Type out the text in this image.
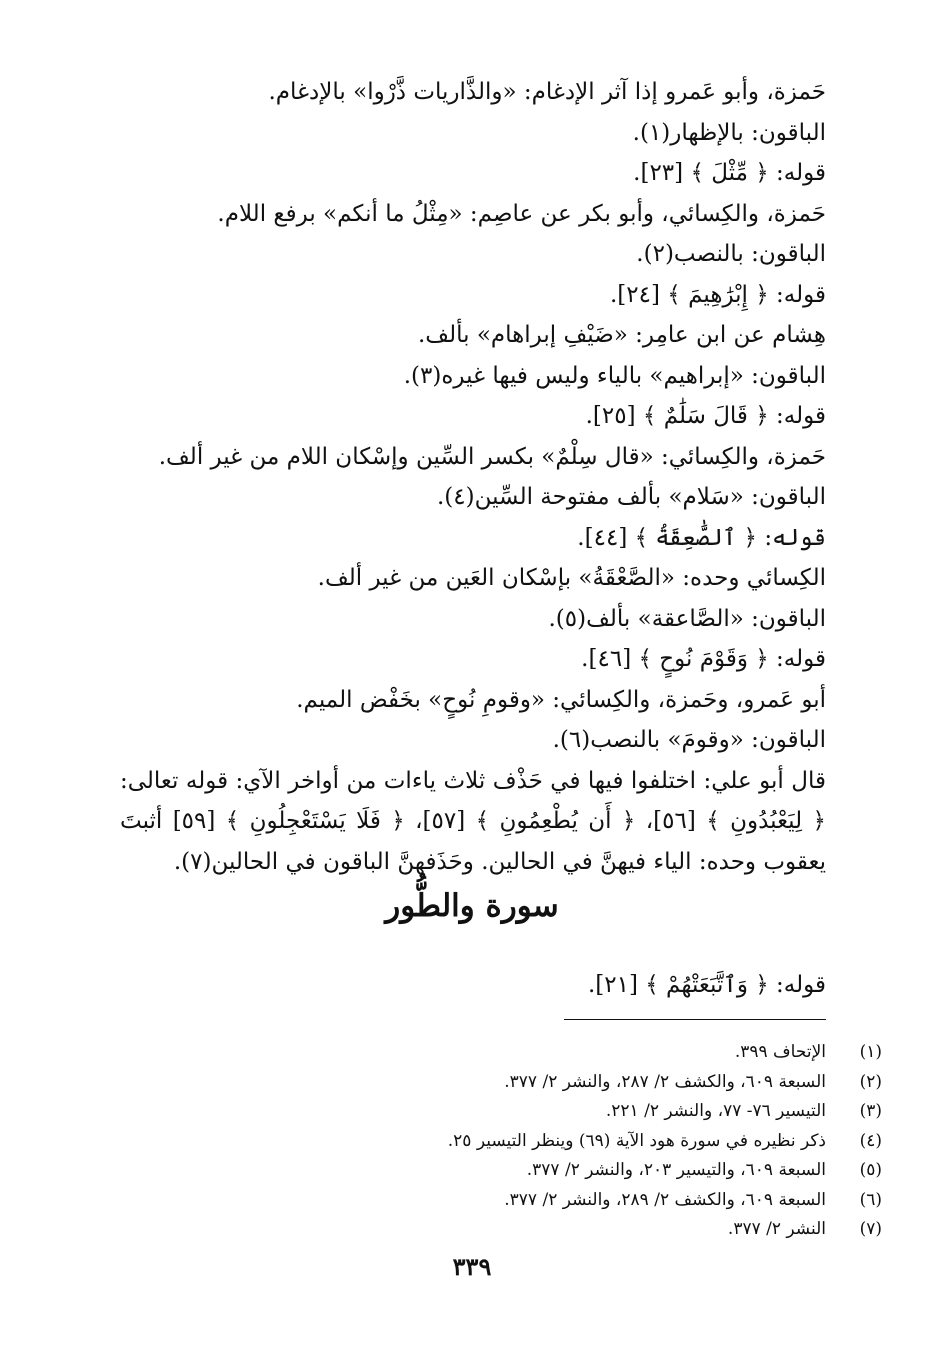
حَمزة، وأبو عَمرو إذا آثر الإدغام: «والذَّاريات ذَّرْوا» بالإدغام.
الباقون: بالإظهار(١).
قوله: ﴿ مِّثْلَ ﴾ [٢٣].
حَمزة، والكِسائي، وأبو بكر عن عاصِم: «مِثْلُ ما أنكم» برفع اللام.
الباقون: بالنصب(٢).
قوله: ﴿ إِبْرَٰهِيمَ ﴾ [٢٤].
هِشام عن ابن عامِر: «ضَيْفِ إبراهام» بألف.
الباقون: «إبراهيم» بالياء وليس فيها غيره(٣).
قوله: ﴿ قَالَ سَلَٰمٌ ﴾ [٢٥].
حَمزة، والكِسائي: «قال سِلْمٌ» بكسر السِّين وإسْكان اللام من غير ألف.
الباقون: «سَلام» بألف مفتوحة السِّين(٤).
قوله: ﴿ ٱلصَّٰعِقَةُ ﴾ [٤٤].
الكِسائي وحده: «الصَّعْقَةُ» بإسْكان العَين من غير ألف.
الباقون: «الصَّاعقة» بألف(٥).
قوله: ﴿ وَقَوْمَ نُوحٍ ﴾ [٤٦].
أبو عَمرو، وحَمزة، والكِسائي: «وقومِ نُوحٍ» بخَفْض الميم.
الباقون: «وقومَ» بالنصب(٦).
قال أبو علي: اختلفوا فيها في حَذْف ثلاث ياءات من أواخر الآي: قوله تعالى: ﴿ لِيَعْبُدُونِ ﴾ [٥٦]، ﴿ أَن يُطْعِمُونِ ﴾ [٥٧]، ﴿ فَلَا يَسْتَعْجِلُونِ ﴾ [٥٩] أثبتَ يعقوب وحده: الياء فيهنَّ في الحالين. وحَذَفهنَّ الباقون في الحالين(٧).
سورة والطُّور
قوله: ﴿ وَٱتَّبَعَتْهُمْ ﴾ [٢١].
(١)
الإتحاف ٣٩٩.
(٢)
السبعة ٦٠٩، والكشف ٢/ ٢٨٧، والنشر ٢/ ٣٧٧.
(٣)
التيسير ٧٦- ٧٧، والنشر ٢/ ٢٢١.
(٤)
ذكر نظيره في سورة هود الآية (٦٩) وينظر التيسير ٢٥.
(٥)
السبعة ٦٠٩، والتيسير ٢٠٣، والنشر ٢/ ٣٧٧.
(٦)
السبعة ٦٠٩، والكشف ٢/ ٢٨٩، والنشر ٢/ ٣٧٧.
(٧)
النشر ٢/ ٣٧٧.
٣٣٩
